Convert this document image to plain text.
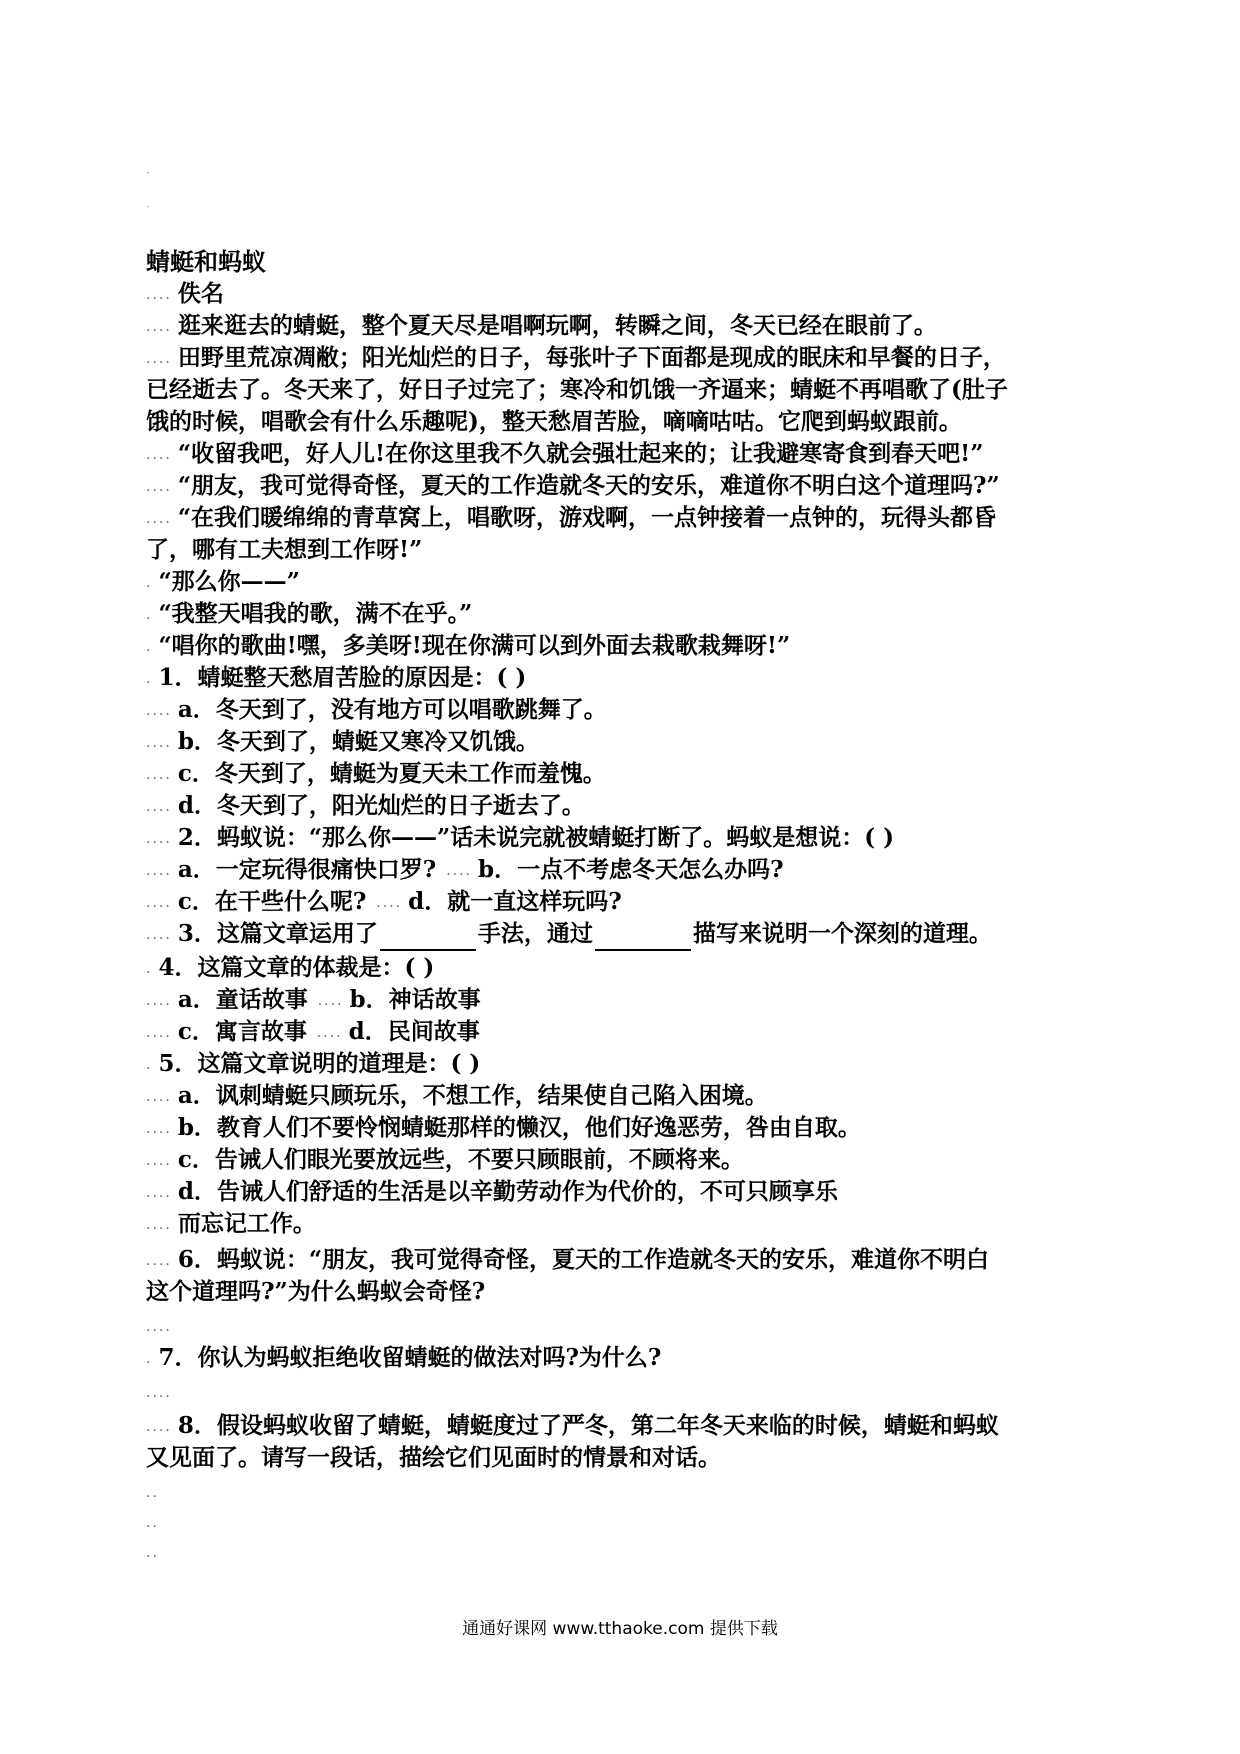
·
·
蜻蜓和蚂蚁
.... 佚名
.... 逛来逛去的蜻蜓，整个夏天尽是唱啊玩啊，转瞬之间，冬天已经在眼前了。
.... 田野里荒凉凋敝；阳光灿烂的日子，每张叶子下面都是现成的眠床和早餐的日子，
已经逝去了。冬天来了，好日子过完了；寒冷和饥饿一齐逼来；蜻蜓不再唱歌了(肚子
饿的时候，唱歌会有什么乐趣呢)，整天愁眉苦脸，嘀嘀咕咕。它爬到蚂蚁跟前。
.... “收留我吧，好人儿!在你这里我不久就会强壮起来的；让我避寒寄食到春天吧!”
.... “朋友，我可觉得奇怪，夏天的工作造就冬天的安乐，难道你不明白这个道理吗?”
.... “在我们暖绵绵的青草窝上，唱歌呀，游戏啊，一点钟接着一点钟的，玩得头都昏
了，哪有工夫想到工作呀!”
. “那么你——”
. “我整天唱我的歌，满不在乎。”
. “唱你的歌曲!嘿，多美呀!现在你满可以到外面去栽歌栽舞呀!”
. 1．蜻蜓整天愁眉苦脸的原因是：( )
.... a．冬天到了，没有地方可以唱歌跳舞了。
.... b．冬天到了，蜻蜓又寒冷又饥饿。
.... c．冬天到了，蜻蜓为夏天未工作而羞愧。
.... d．冬天到了，阳光灿烂的日子逝去了。
.... 2．蚂蚁说：“那么你——”话未说完就被蜻蜓打断了。蚂蚁是想说：( )
.... a．一定玩得很痛快口罗? .... b．一点不考虑冬天怎么办吗?
.... c．在干些什么呢? .... d．就一直这样玩吗?
.... 3．这篇文章运用了	手法，通过	描写来说明一个深刻的道理。
. 4．这篇文章的体裁是：( )
.... a．童话故事 .... b．神话故事
.... c．寓言故事 .... d．民间故事
. 5．这篇文章说明的道理是：( )
.... a．讽刺蜻蜓只顾玩乐，不想工作，结果使自己陷入困境。
.... b．教育人们不要怜悯蜻蜓那样的懒汉，他们好逸恶劳，咎由自取。
.... c．告诫人们眼光要放远些，不要只顾眼前，不顾将来。
.... d．告诫人们舒适的生活是以辛勤劳动作为代价的，不可只顾享乐
.... 而忘记工作。
.... 6．蚂蚁说：“朋友，我可觉得奇怪，夏天的工作造就冬天的安乐，难道你不明白
这个道理吗?”为什么蚂蚁会奇怪?
....
. 7．你认为蚂蚁拒绝收留蜻蜓的做法对吗?为什么?
....
.... 8．假设蚂蚁收留了蜻蜓，蜻蜓度过了严冬，第二年冬天来临的时候，蜻蜓和蚂蚁
又见面了。请写一段话，描绘它们见面时的情景和对话。
..
..
..
通通好课网 www.tthaoke.com 提供下载
